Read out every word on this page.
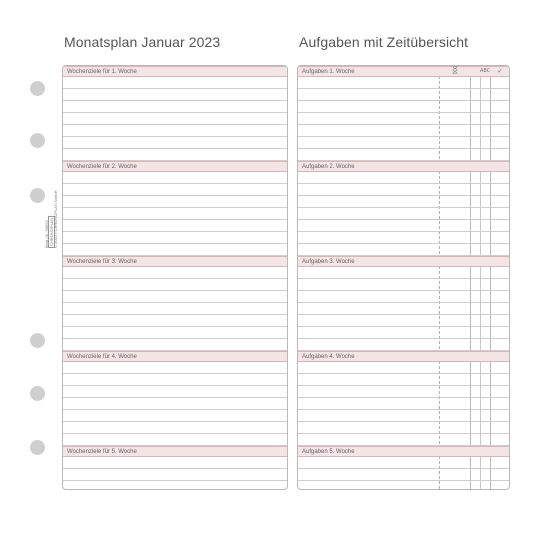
Best.-Nr. 50652 CHRONOPLAN © 2022 • CHRONOPLAN GmbH
Monatsplan Januar 2023	Aufgaben mit Zeitübersicht
Wochenziele für 1. Woche
Wochenziele für 2. Woche
Wochenziele für 3. Woche
Wochenziele für 4. Woche
Wochenziele für 5. Woche
Aufgaben 1. Woche
Aufgaben 2. Woche
Aufgaben 3. Woche
Aufgaben 4. Woche
Aufgaben 5. Woche
ABC ✓
